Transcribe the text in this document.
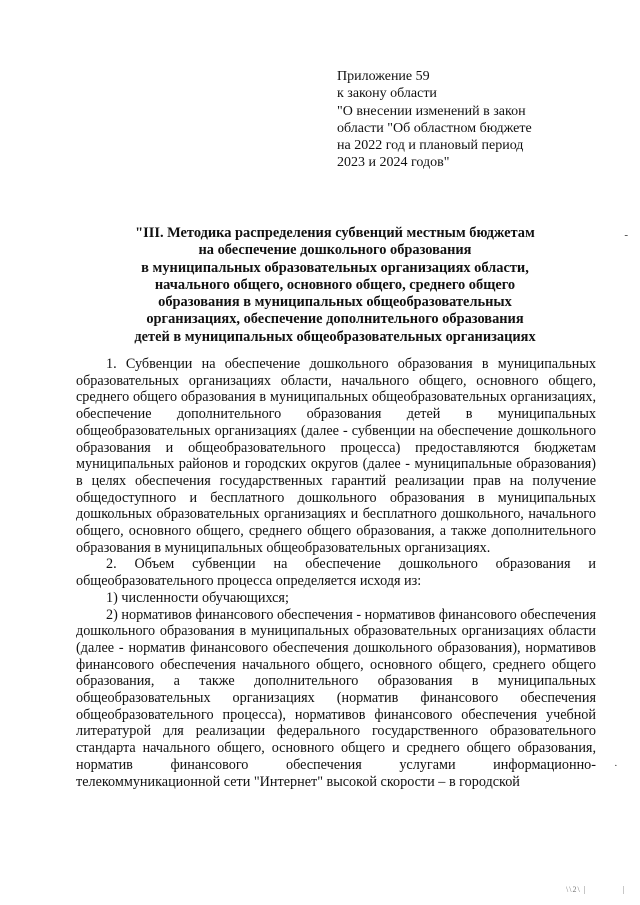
Приложение 59
к закону области
"О внесении изменений в закон
области "Об областном бюджете
на 2022 год и плановый период
2023 и 2024 годов"
"III. Методика распределения субвенций местным бюджетам
на обеспечение дошкольного образования
в муниципальных образовательных организациях области,
начального общего, основного общего, среднего общего
образования в муниципальных общеобразовательных
организациях, обеспечение дополнительного образования
детей в муниципальных общеобразовательных организациях
-

1. Субвенции на обеспечение дошкольного образования в муниципальных образовательных организациях области, начального общего, основного общего, среднего общего образования в муниципальных общеобразовательных организациях, обеспечение дополнительного образования детей в муниципальных общеобразовательных организациях (далее - субвенции на обеспечение дошкольного образования и общеобразовательного процесса) предоставляются бюджетам муниципальных районов и городских округов (далее - муниципальные образования) в целях обеспечения государственных гарантий реализации прав на получение общедоступного и бесплатного дошкольного образования в муниципальных дошкольных образовательных организациях и бесплатного дошкольного, начального общего, основного общего, среднего общего образования, а также дополнительного образования в муниципальных общеобразовательных организациях.

2. Объем субвенции на обеспечение дошкольного образования и общеобразовательного процесса определяется исходя из:

1) численности обучающихся;

2) нормативов финансового обеспечения - нормативов финансового обеспечения дошкольного образования в муниципальных образовательных организациях области (далее - норматив финансового обеспечения дошкольного образования), нормативов финансового обеспечения начального общего, основного общего, среднего общего образования, а также дополнительного образования в муниципальных общеобразовательных организациях (норматив финансового обеспечения общеобразовательного процесса), нормативов финансового обеспечения учебной литературой для реализации федерального государственного образовательного стандарта начального общего, основного общего и среднего общего образования, норматив финансового обеспечения услугами информационно-телекоммуникационной сети "Интернет" высокой скорости – в городской

·
\\2\ |	|
